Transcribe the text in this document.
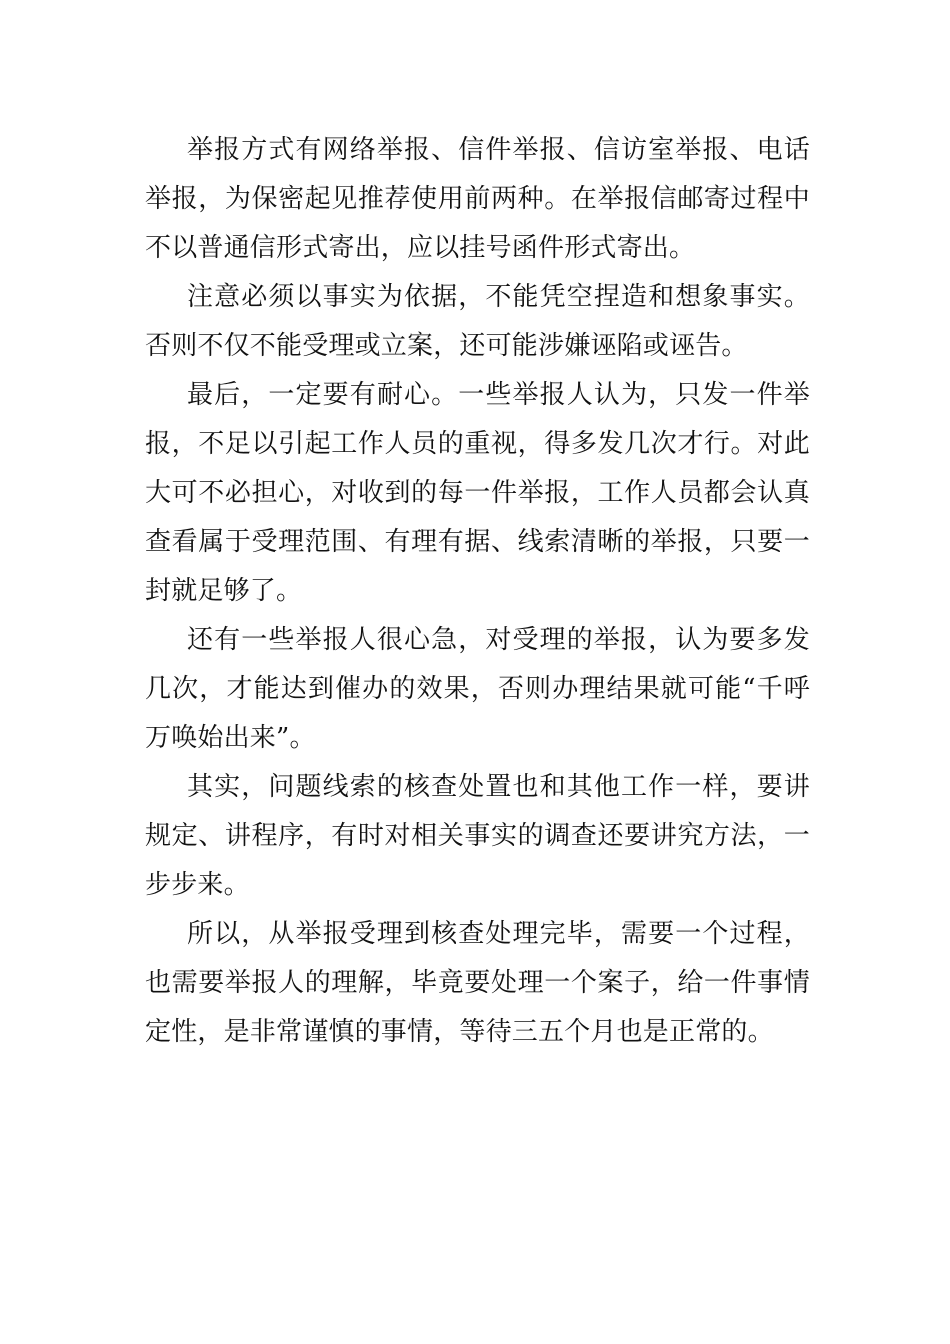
举报方式有网络举报、信件举报、信访室举报、电话举报，为保密起见推荐使用前两种。在举报信邮寄过程中不以普通信形式寄出，应以挂号函件形式寄出。

注意必须以事实为依据，不能凭空捏造和想象事实。否则不仅不能受理或立案，还可能涉嫌诬陷或诬告。

最后，一定要有耐心。一些举报人认为，只发一件举报，不足以引起工作人员的重视，得多发几次才行。对此大可不必担心，对收到的每一件举报，工作人员都会认真查看属于受理范围、有理有据、线索清晰的举报，只要一封就足够了。

还有一些举报人很心急，对受理的举报，认为要多发几次，才能达到催办的效果，否则办理结果就可能“千呼万唤始出来”。

其实，问题线索的核查处置也和其他工作一样，要讲规定、讲程序，有时对相关事实的调查还要讲究方法，一步步来。

所以，从举报受理到核查处理完毕，需要一个过程，也需要举报人的理解，毕竟要处理一个案子，给一件事情定性，是非常谨慎的事情，等待三五个月也是正常的。
